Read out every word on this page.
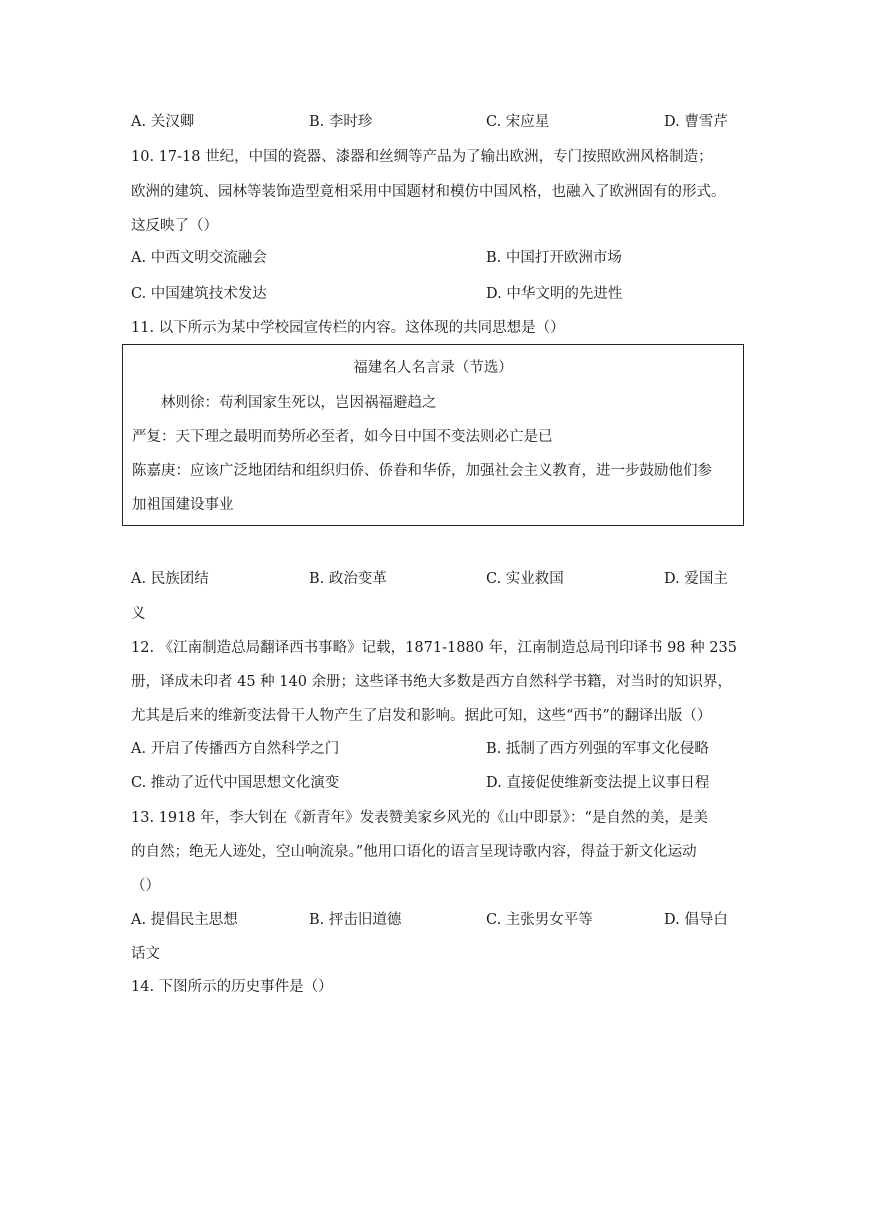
A. 关汉卿	B. 李时珍	C. 宋应星	D. 曹雪芹
10. 17-18 世纪，中国的瓷器、漆器和丝绸等产品为了输出欧洲，专门按照欧洲风格制造；
欧洲的建筑、园林等装饰造型竟相采用中国题材和模仿中国风格，也融入了欧洲固有的形式。
这反映了（）
A. 中西文明交流融会	B. 中国打开欧洲市场
C. 中国建筑技术发达	D. 中华文明的先进性
11. 以下所示为某中学校园宣传栏的内容。这体现的共同思想是（）
福建名人名言录（节选）
林则徐：苟利国家生死以，岂因祸福避趋之
严复：天下理之最明而势所必至者，如今日中国不变法则必亡是已
陈嘉庚：应该广泛地团结和组织归侨、侨眷和华侨，加强社会主义教育，进一步鼓励他们参
加祖国建设事业
A. 民族团结	B. 政治变革	C. 实业救国	D. 爱国主
义
12. 《江南制造总局翻译西书事略》记载，1871-1880 年，江南制造总局刊印译书 98 种 235
册，译成未印者 45 种 140 余册；这些译书绝大多数是西方自然科学书籍，对当时的知识界，
尤其是后来的维新变法骨干人物产生了启发和影响。据此可知，这些“西书”的翻译出版（）
A. 开启了传播西方自然科学之门	B. 抵制了西方列强的军事文化侵略
C. 推动了近代中国思想文化演变	D. 直接促使维新变法提上议事日程
13. 1918 年，李大钊在《新青年》发表赞美家乡风光的《山中即景》：“是自然的美，是美
的自然；绝无人迹处，空山响流泉。”他用口语化的语言呈现诗歌内容，得益于新文化运动
（）
A. 提倡民主思想	B. 抨击旧道德	C. 主张男女平等	D. 倡导白
话文
14. 下图所示的历史事件是（）
